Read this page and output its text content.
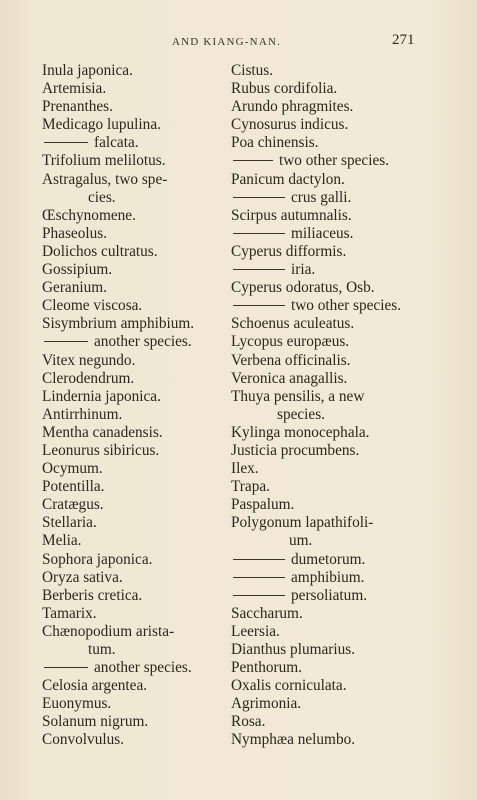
AND KIANG-NAN.	271
Inula japonica.
Artemisia.
Prenanthes.
Medicago lupulina.
falcata.
Trifolium melilotus.
Astragalus, two spe-
cies.
Œschynomene.
Phaseolus.
Dolichos cultratus.
Gossipium.
Geranium.
Cleome viscosa.
Sisymbrium amphibium.
another species.
Vitex negundo.
Clerodendrum.
Lindernia japonica.
Antirrhinum.
Mentha canadensis.
Leonurus sibiricus.
Ocymum.
Potentilla.
Cratægus.
Stellaria.
Melia.
Sophora japonica.
Oryza sativa.
Berberis cretica.
Tamarix.
Chænopodium arista-
tum.
another species.
Celosia argentea.
Euonymus.
Solanum nigrum.
Convolvulus.
Cistus.
Rubus cordifolia.
Arundo phragmites.
Cynosurus indicus.
Poa chinensis.
two other species.
Panicum dactylon.
crus galli.
Scirpus autumnalis.
miliaceus.
Cyperus difformis.
iria.
Cyperus odoratus, Osb.
two other species.
Schoenus aculeatus.
Lycopus europæus.
Verbena officinalis.
Veronica anagallis.
Thuya pensilis, a new
species.
Kylinga monocephala.
Justicia procumbens.
Ilex.
Trapa.
Paspalum.
Polygonum lapathifoli-
um.
dumetorum.
amphibium.
persoliatum.
Saccharum.
Leersia.
Dianthus plumarius.
Penthorum.
Oxalis corniculata.
Agrimonia.
Rosa.
Nymphæa nelumbo.
